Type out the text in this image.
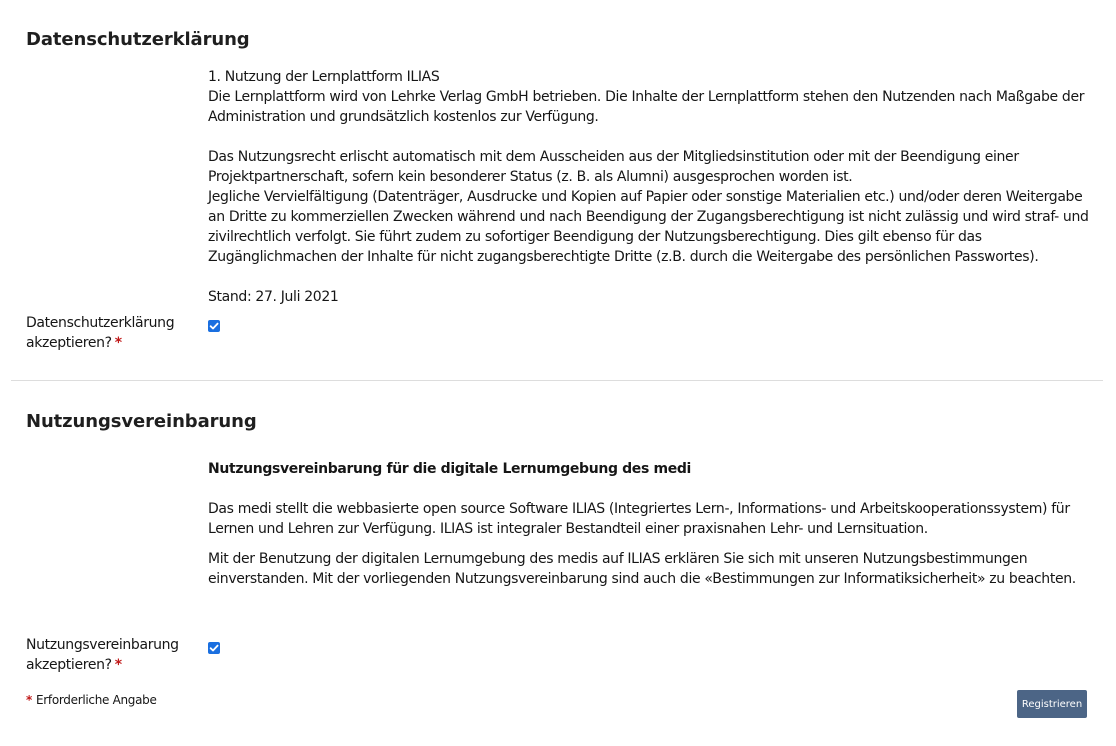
Datenschutzerklärung

1. Nutzung der Lernplattform ILIAS

Die Lernplattform wird von Lehrke Verlag GmbH betrieben. Die Inhalte der Lernplattform stehen den Nutzenden nach Maßgabe der Administration und grundsätzlich kostenlos zur Verfügung.

Das Nutzungsrecht erlischt automatisch mit dem Ausscheiden aus der Mitgliedsinstitution oder mit der Beendigung einer Projektpartnerschaft, sofern kein besonderer Status (z. B. als Alumni) ausgesprochen worden ist.

Jegliche Vervielfältigung (Datenträger, Ausdrucke und Kopien auf Papier oder sonstige Materialien etc.) und/oder deren Weitergabe an Dritte zu kommerziellen Zwecken während und nach Beendigung der Zugangsberechtigung ist nicht zulässig und wird straf- und zivilrechtlich verfolgt. Sie führt zudem zu sofortiger Beendigung der Nutzungsberechtigung. Dies gilt ebenso für das Zugänglichmachen der Inhalte für nicht zugangsberechtigte Dritte (z.B. durch die Weitergabe des persönlichen Passwortes).

Stand: 27. Juli 2021

Datenschutzerklärung
akzeptieren? *
Nutzungsvereinbarung

Nutzungsvereinbarung für die digitale Lernumgebung des medi

Das medi stellt die webbasierte open source Software ILIAS (Integriertes Lern-, Informations- und Arbeitskooperationssystem) für Lernen und Lehren zur Verfügung. ILIAS ist integraler Bestandteil einer praxisnahen Lehr- und Lernsituation.

Mit der Benutzung der digitalen Lernumgebung des medis auf ILIAS erklären Sie sich mit unseren Nutzungsbestimmungen einverstanden. Mit der vorliegenden Nutzungsvereinbarung sind auch die «Bestimmungen zur Informatiksicherheit» zu beachten.

Nutzungsvereinbarung
akzeptieren? *
* Erforderliche Angabe	Registrieren
